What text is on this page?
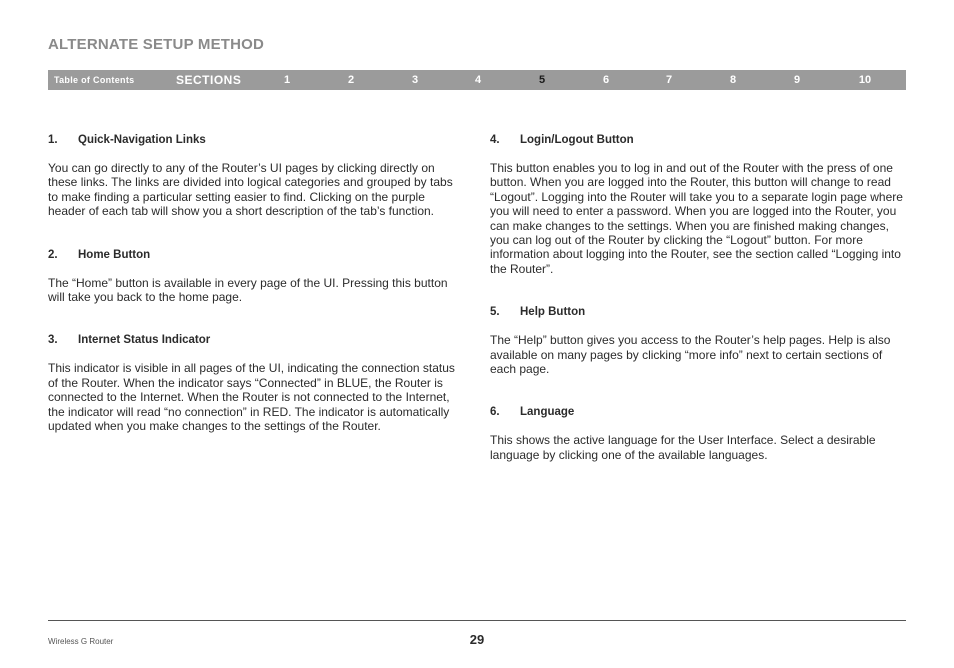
ALTERNATE SETUP METHOD
Table of Contents	SECTIONS	1	2	3	4	5	6	7	8	9	10

1. Quick-Navigation Links

You can go directly to any of the Router’s UI pages by clicking directly on these links. The links are divided into logical categories and grouped by tabs to make finding a particular setting easier to find. Clicking on the purple header of each tab will show you a short description of the tab’s function.

2. Home Button

The “Home” button is available in every page of the UI. Pressing this button will take you back to the home page.

3. Internet Status Indicator

This indicator is visible in all pages of the UI, indicating the connection status of the Router. When the indicator says “Connected” in BLUE, the Router is connected to the Internet. When the Router is not connected to the Internet, the indicator will read “no connection” in RED. The indicator is automatically updated when you make changes to the settings of the Router.

4. Login/Logout Button

This button enables you to log in and out of the Router with the press of one button. When you are logged into the Router, this button will change to read “Logout”. Logging into the Router will take you to a separate login page where you will need to enter a password. When you are logged into the Router, you can make changes to the settings. When you are finished making changes, you can log out of the Router by clicking the “Logout” button. For more information about logging into the Router, see the section called “Logging into the Router”.

5. Help Button

The “Help” button gives you access to the Router’s help pages. Help is also available on many pages by clicking “more info” next to certain sections of each page.

6. Language

This shows the active language for the User Interface. Select a desirable language by clicking one of the available languages.

Wireless G Router	29
